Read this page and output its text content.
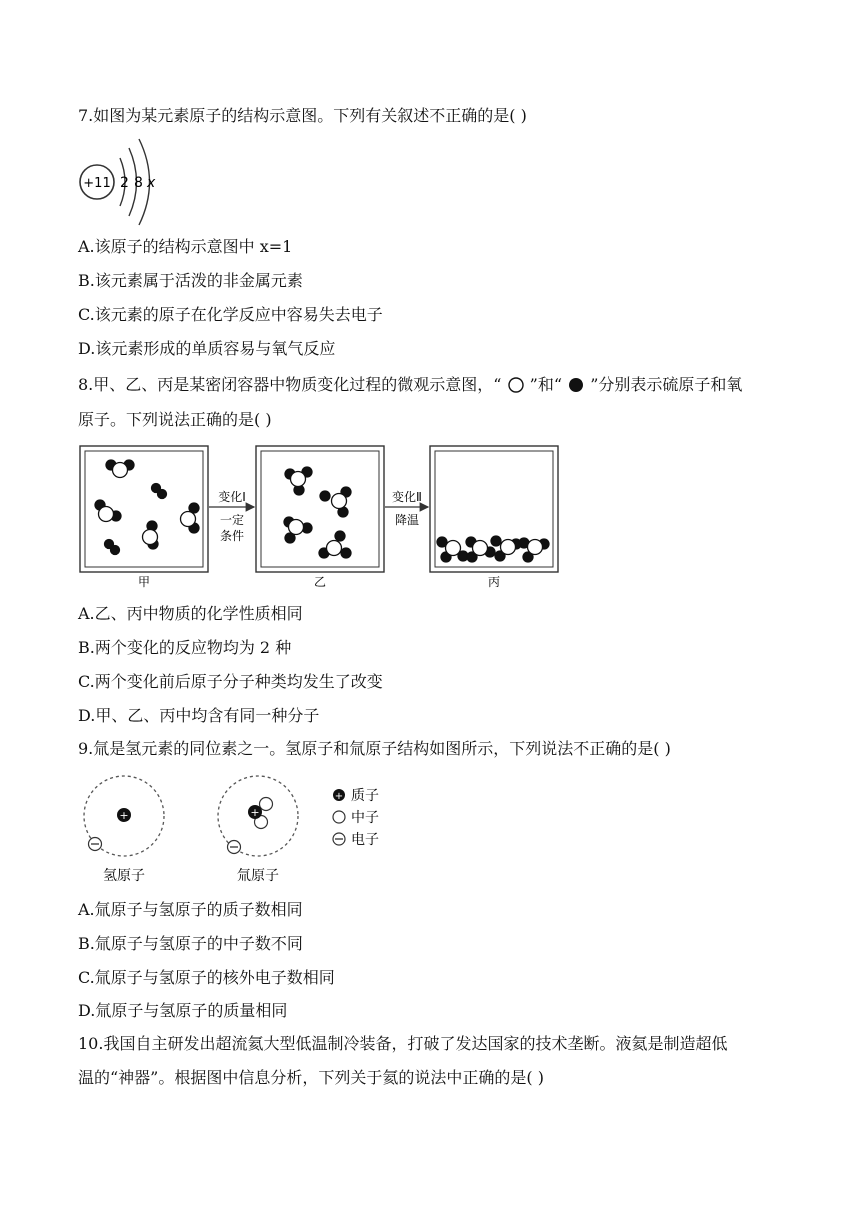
7.如图为某元素原子的结构示意图。下列有关叙述不正确的是( )
+11 2 8 x
A.该原子的结构示意图中 x=1
B.该元素属于活泼的非金属元素
C.该元素的原子在化学反应中容易失去电子
D.该元素形成的单质容易与氧气反应
8.甲、乙、丙是某密闭容器中物质变化过程的微观示意图，“ ”和“ ”分别表示硫原子和氧
原子。下列说法正确的是( )
变化Ⅰ
一定
条件
变化Ⅱ
降温
甲	乙	丙
A.乙、丙中物质的化学性质相同
B.两个变化的反应物均为 2 种
C.两个变化前后原子分子种类均发生了改变
D.甲、乙、丙中均含有同一种分子
9.氚是氢元素的同位素之一。氢原子和氚原子结构如图所示，下列说法不正确的是( )
+
氢原子
+
氚原子
+ 质子
中子
电子
A.氚原子与氢原子的质子数相同
B.氚原子与氢原子的中子数不同
C.氚原子与氢原子的核外电子数相同
D.氚原子与氢原子的质量相同
10.我国自主研发出超流氦大型低温制冷装备，打破了发达国家的技术垄断。液氦是制造超低
温的“神器”。根据图中信息分析，下列关于氦的说法中正确的是( )
